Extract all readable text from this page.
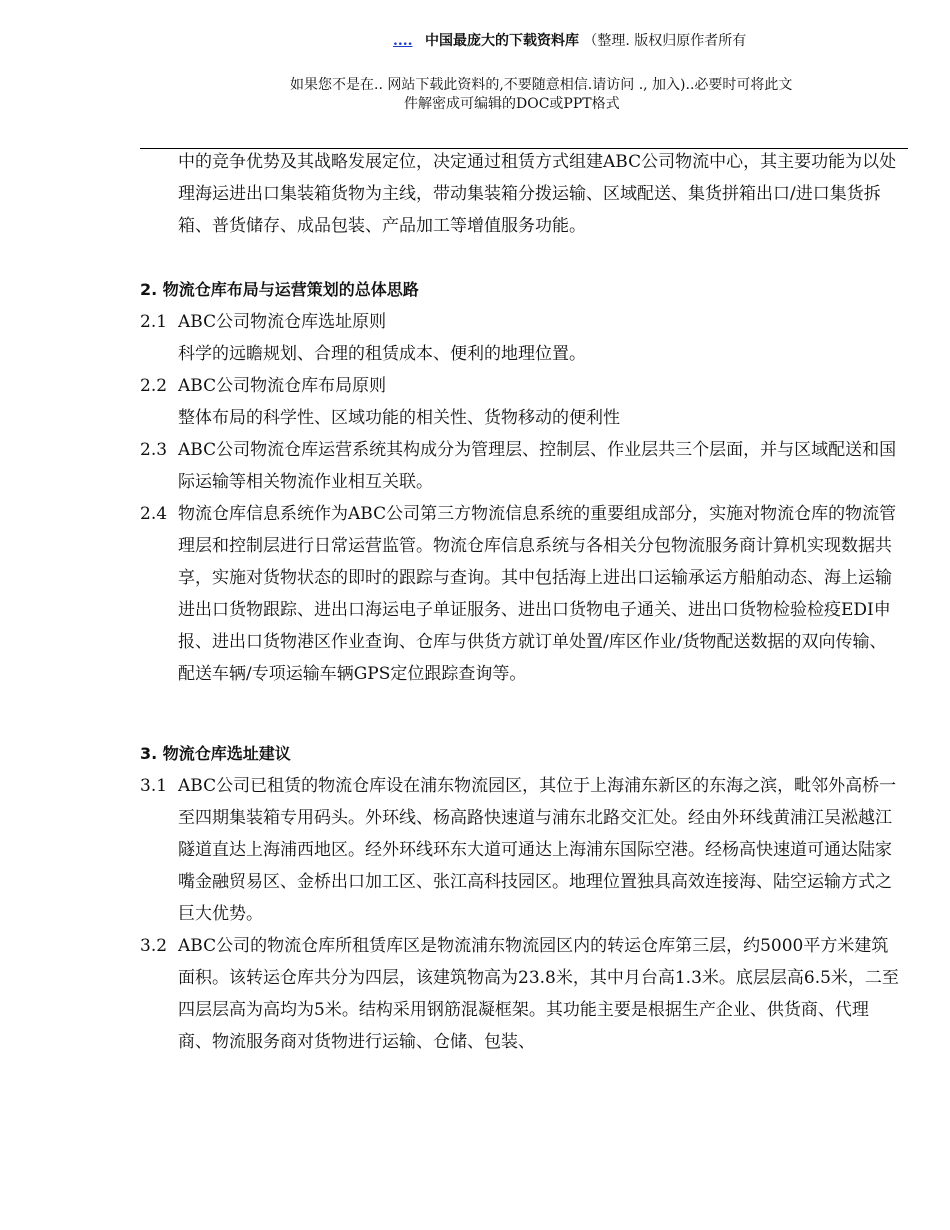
.... 中国最庞大的下载资料库 （整理. 版权归原作者所有
如果您不是在.. 网站下载此资料的,不要随意相信.请访问 ., 加入)..必要时可将此文
件解密成可编辑的DOC或PPT格式

中的竞争优势及其战略发展定位，决定通过租赁方式组建ABC公司物流中心，其主要功能为以处理海运进出口集装箱货物为主线，带动集装箱分拨运输、区域配送、集货拼箱出口/进口集货拆箱、普货储存、成品包装、产品加工等增值服务功能。

2. 物流仓库布局与运营策划的总体思路

2.1 ABC公司物流仓库选址原则

科学的远瞻规划、合理的租赁成本、便利的地理位置。

2.2 ABC公司物流仓库布局原则

整体布局的科学性、区域功能的相关性、货物移动的便利性

2.3 ABC公司物流仓库运营系统其构成分为管理层、控制层、作业层共三个层面，并与区域配送和国际运输等相关物流作业相互关联。
2.4 物流仓库信息系统作为ABC公司第三方物流信息系统的重要组成部分，实施对物流仓库的物流管理层和控制层进行日常运营监管。物流仓库信息系统与各相关分包物流服务商计算机实现数据共享，实施对货物状态的即时的跟踪与查询。其中包括海上进出口运输承运方船舶动态、海上运输进出口货物跟踪、进出口海运电子单证服务、进出口货物电子通关、进出口货物检验检疫EDI申报、进出口货物港区作业查询、仓库与供货方就订单处置/库区作业/货物配送数据的双向传输、配送车辆/专项运输车辆GPS定位跟踪查询等。

3. 物流仓库选址建议

3.1 ABC公司已租赁的物流仓库设在浦东物流园区，其位于上海浦东新区的东海之滨，毗邻外高桥一至四期集装箱专用码头。外环线、杨高路快速道与浦东北路交汇处。经由外环线黄浦江吴淞越江隧道直达上海浦西地区。经外环线环东大道可通达上海浦东国际空港。经杨高快速道可通达陆家嘴金融贸易区、金桥出口加工区、张江高科技园区。地理位置独具高效连接海、陆空运输方式之巨大优势。
3.2 ABC公司的物流仓库所租赁库区是物流浦东物流园区内的转运仓库第三层，约5000平方米建筑面积。该转运仓库共分为四层，该建筑物高为23.8米，其中月台高1.3米。底层层高6.5米，二至四层层高为高均为5米。结构采用钢筋混凝框架。其功能主要是根据生产企业、供货商、代理商、物流服务商对货物进行运输、仓储、包装、
